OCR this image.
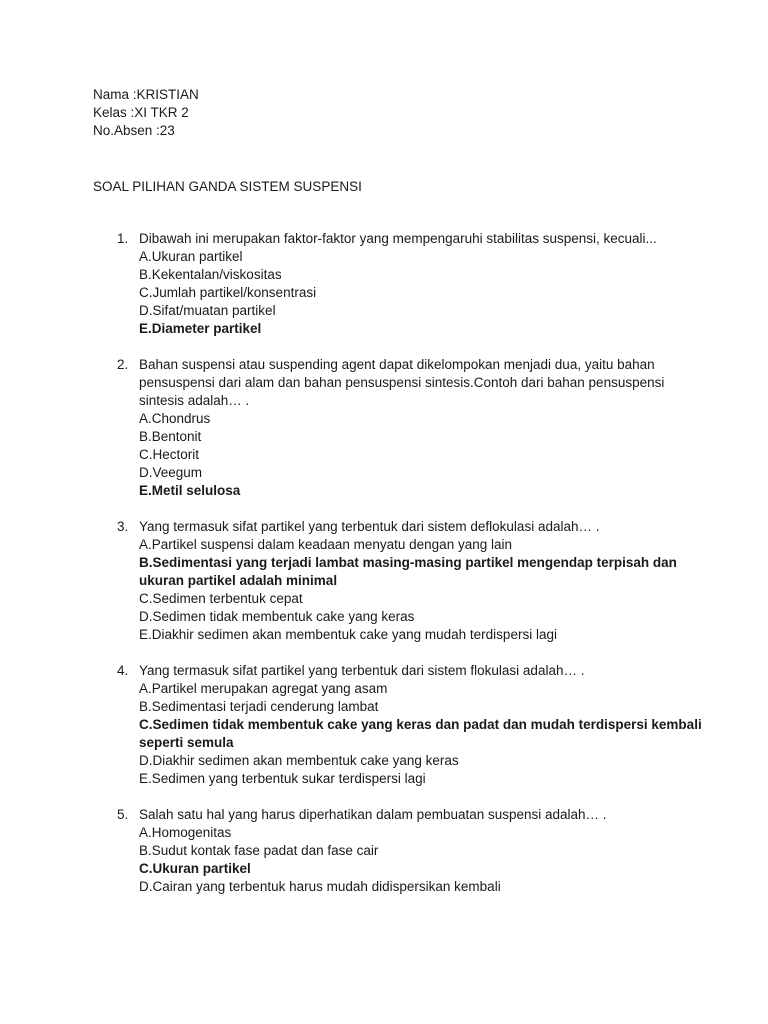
Nama :KRISTIAN
Kelas :XI TKR 2
No.Absen :23
SOAL PILIHAN GANDA SISTEM SUSPENSI
1. Dibawah ini merupakan faktor-faktor yang mempengaruhi stabilitas suspensi, kecuali...
A.Ukuran partikel
B.Kekentalan/viskositas
C.Jumlah partikel/konsentrasi
D.Sifat/muatan partikel
E.Diameter partikel
2. Bahan suspensi atau suspending agent dapat dikelompokan menjadi dua, yaitu bahan pensuspensi dari alam dan bahan pensuspensi sintesis.Contoh dari bahan pensuspensi sintesis adalah… .
A.Chondrus
B.Bentonit
C.Hectorit
D.Veegum
E.Metil selulosa
3. Yang termasuk sifat partikel yang terbentuk dari sistem deflokulasi adalah… .
A.Partikel suspensi dalam keadaan menyatu dengan yang lain
B.Sedimentasi yang terjadi lambat masing-masing partikel mengendap terpisah dan ukuran partikel adalah minimal
C.Sedimen terbentuk cepat
D.Sedimen tidak membentuk cake yang keras
E.Diakhir sedimen akan membentuk cake yang mudah terdispersi lagi
4. Yang termasuk sifat partikel yang terbentuk dari sistem flokulasi adalah… .
A.Partikel merupakan agregat yang asam
B.Sedimentasi terjadi cenderung lambat
C.Sedimen tidak membentuk cake yang keras dan padat dan mudah terdispersi kembali seperti semula
D.Diakhir sedimen akan membentuk cake yang keras
E.Sedimen yang terbentuk sukar terdispersi lagi
5. Salah satu hal yang harus diperhatikan dalam pembuatan suspensi adalah… .
A.Homogenitas
B.Sudut kontak fase padat dan fase cair
C.Ukuran partikel
D.Cairan yang terbentuk harus mudah didispersikan kembali
